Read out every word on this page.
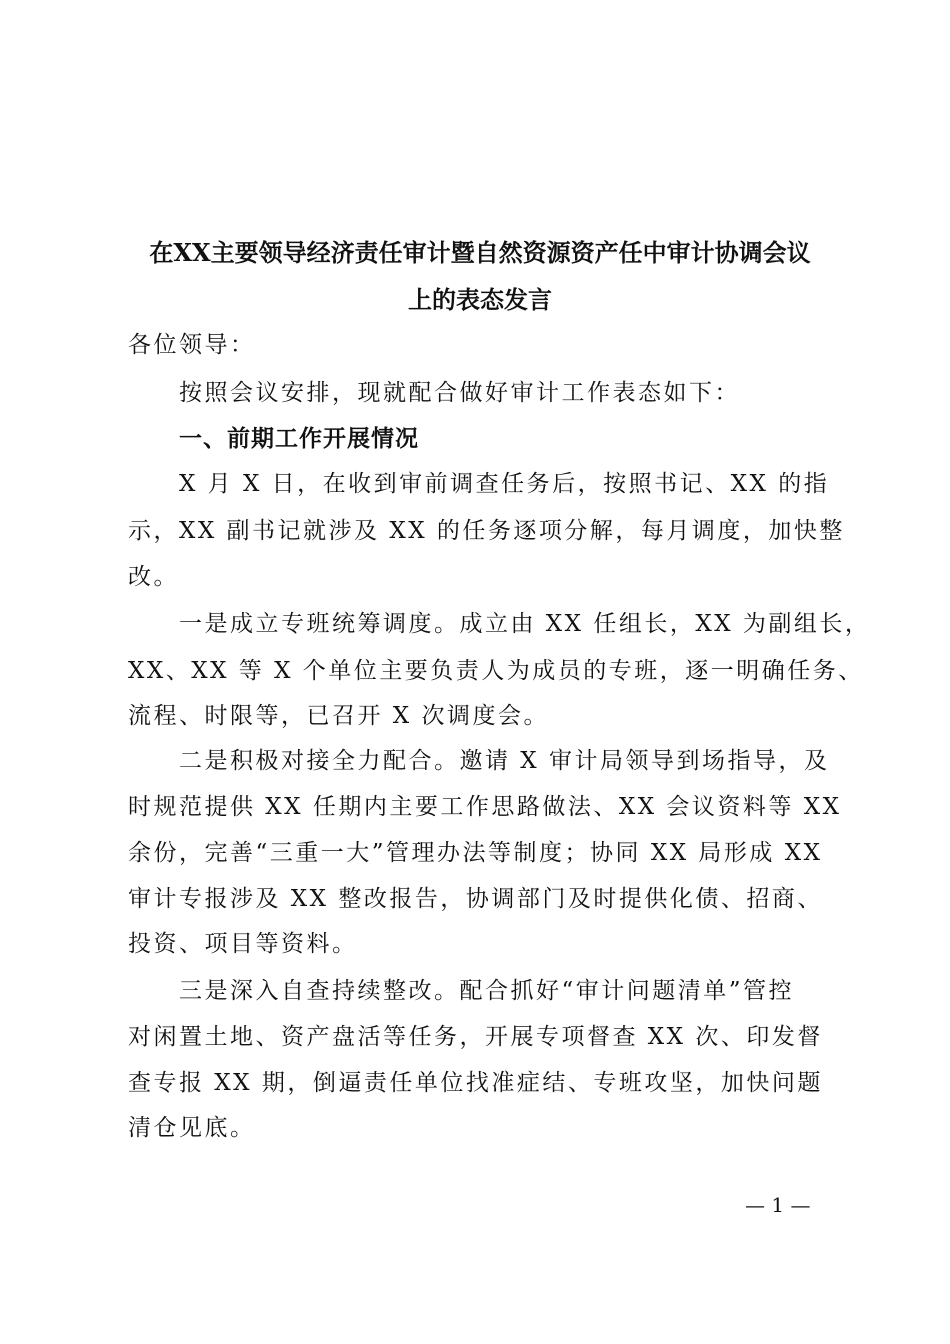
在XX主要领导经济责任审计暨自然资源资产任中审计协调会议
上的表态发言
各位领导：
按照会议安排，现就配合做好审计工作表态如下：
一、前期工作开展情况
X 月 X 日，在收到审前调查任务后，按照书记、XX 的指
示，XX 副书记就涉及 XX 的任务逐项分解，每月调度，加快整
改。
一是成立专班统筹调度。成立由 XX 任组长，XX 为副组长，
XX、XX 等 X 个单位主要负责人为成员的专班，逐一明确任务、
流程、时限等，已召开 X 次调度会。
二是积极对接全力配合。邀请 X 审计局领导到场指导，及
时规范提供 XX 任期内主要工作思路做法、XX 会议资料等 XX
余份，完善“三重一大”管理办法等制度；协同 XX 局形成 XX
审计专报涉及 XX 整改报告，协调部门及时提供化债、招商、
投资、项目等资料。
三是深入自查持续整改。配合抓好“审计问题清单”管控
对闲置土地、资产盘活等任务，开展专项督查 XX 次、印发督
查专报 XX 期，倒逼责任单位找准症结、专班攻坚，加快问题
清仓见底。
— 1 —
